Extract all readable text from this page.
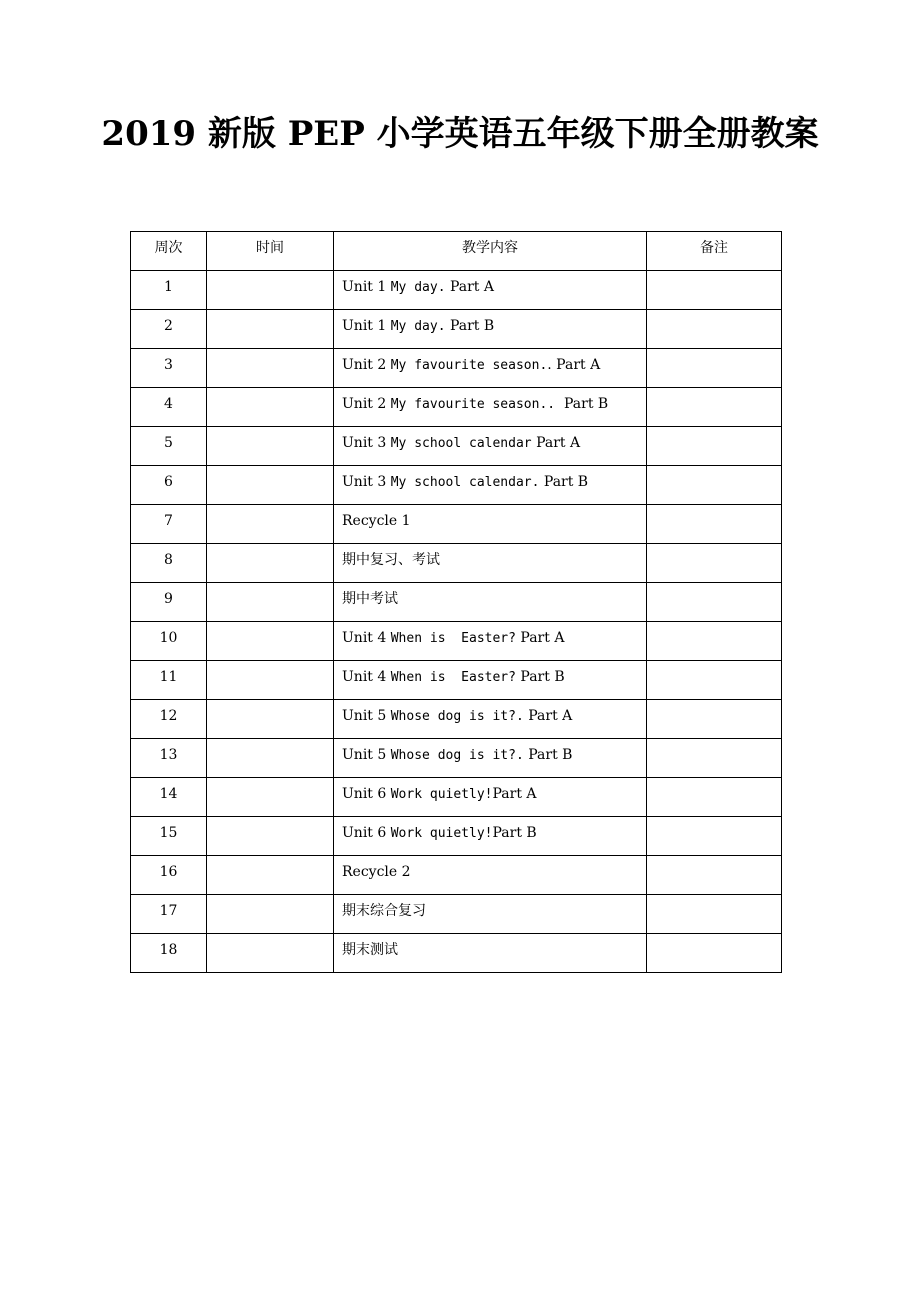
2019 新版 PEP 小学英语五年级下册全册教案
周次	时间	教学内容	备注
1		Unit 1 My day. Part A	
2		Unit 1 My day. Part B	
3		Unit 2 My favourite season.. Part A	
4		Unit 2 My favourite season..  Part B	
5		Unit 3 My school calendar Part A	
6		Unit 3 My school calendar. Part B	
7		Recycle 1	
8		期中复习、考试	
9		期中考试	
10		Unit 4 When is  Easter? Part A	
11		Unit 4 When is  Easter? Part B	
12		Unit 5 Whose dog is it?. Part A	
13		Unit 5 Whose dog is it?. Part B	
14		Unit 6 Work quietly!Part A	
15		Unit 6 Work quietly!Part B	
16		Recycle 2	
17		期末综合复习	
18		期末测试	
